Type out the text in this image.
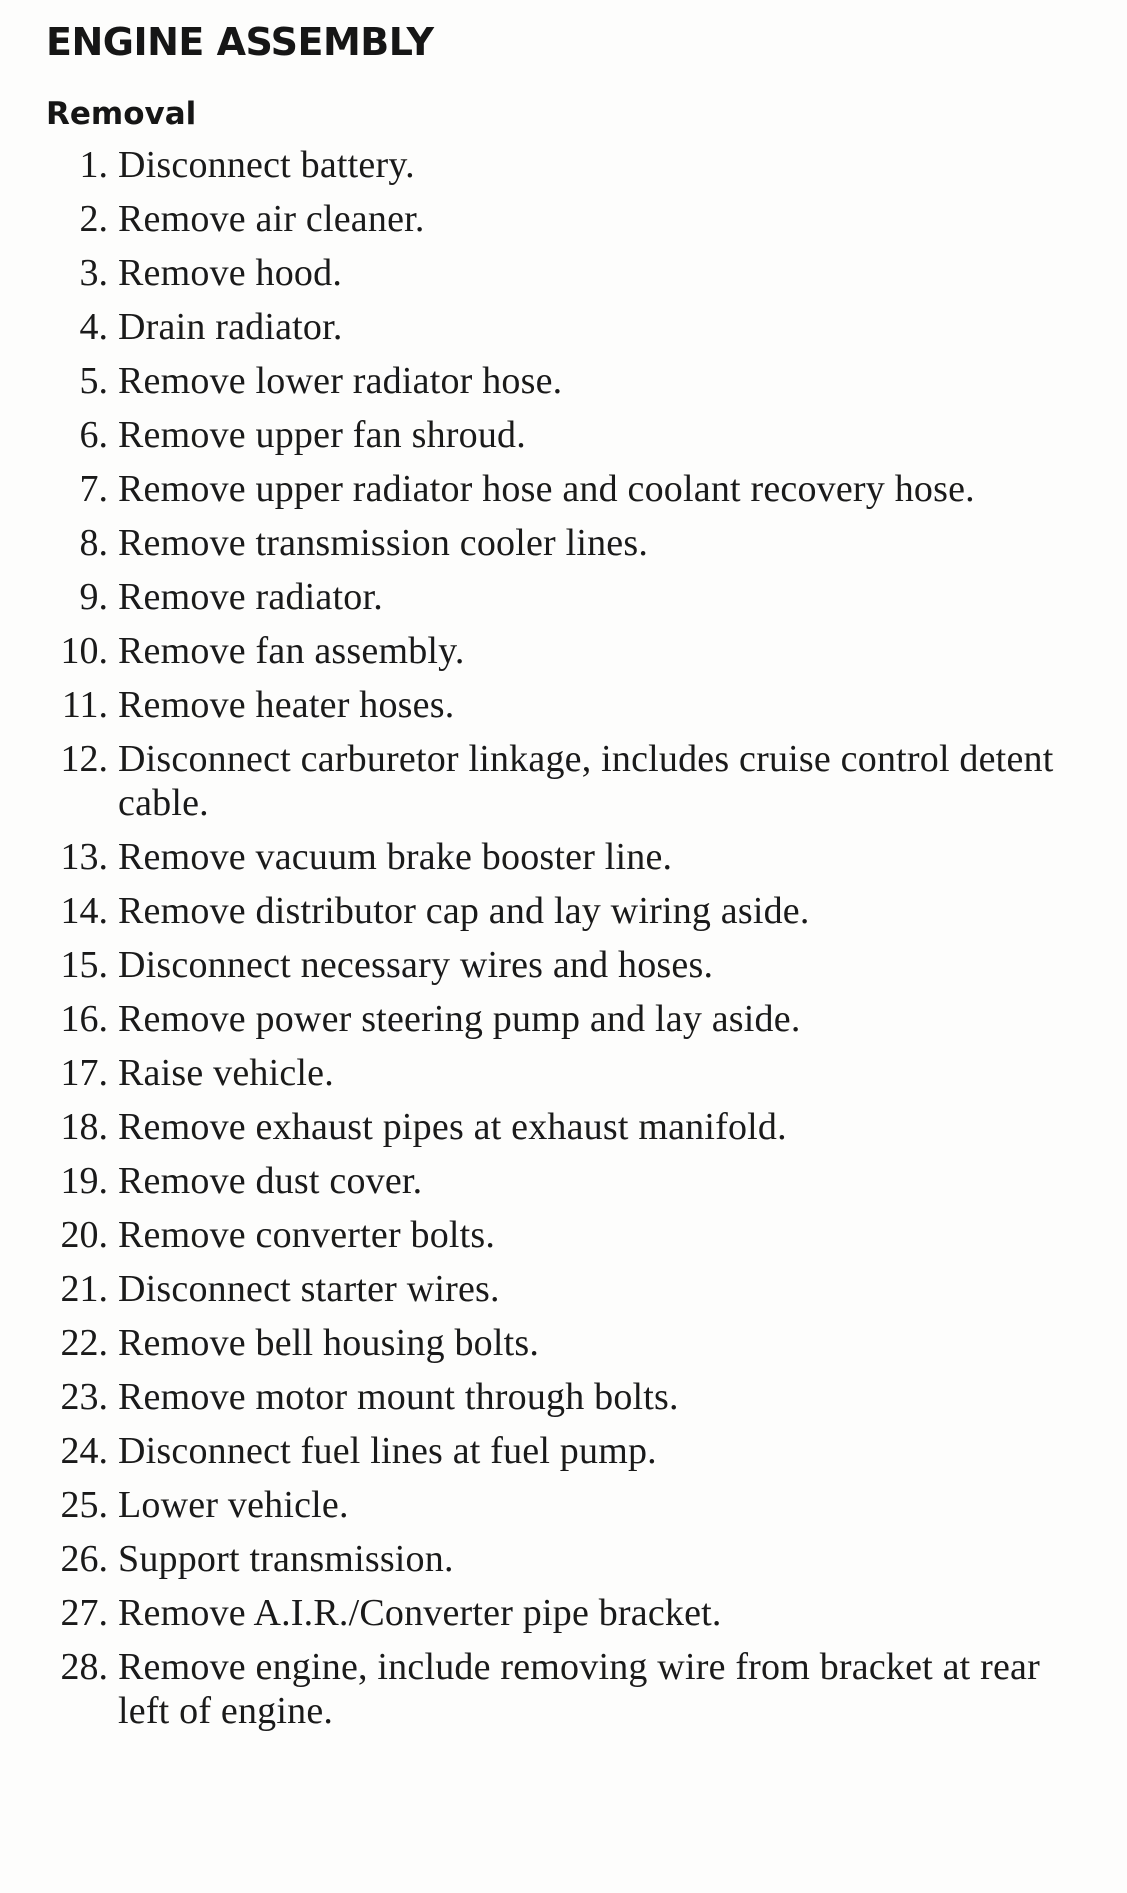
ENGINE ASSEMBLY
Removal
1. Disconnect battery.
2. Remove air cleaner.
3. Remove hood.
4. Drain radiator.
5. Remove lower radiator hose.
6. Remove upper fan shroud.
7. Remove upper radiator hose and coolant recovery hose.
8. Remove transmission cooler lines.
9. Remove radiator.
10. Remove fan assembly.
11. Remove heater hoses.
12. Disconnect carburetor linkage, includes cruise control detent cable.
13. Remove vacuum brake booster line.
14. Remove distributor cap and lay wiring aside.
15. Disconnect necessary wires and hoses.
16. Remove power steering pump and lay aside.
17. Raise vehicle.
18. Remove exhaust pipes at exhaust manifold.
19. Remove dust cover.
20. Remove converter bolts.
21. Disconnect starter wires.
22. Remove bell housing bolts.
23. Remove motor mount through bolts.
24. Disconnect fuel lines at fuel pump.
25. Lower vehicle.
26. Support transmission.
27. Remove A.I.R./Converter pipe bracket.
28. Remove engine, include removing wire from bracket at rear left of engine.
